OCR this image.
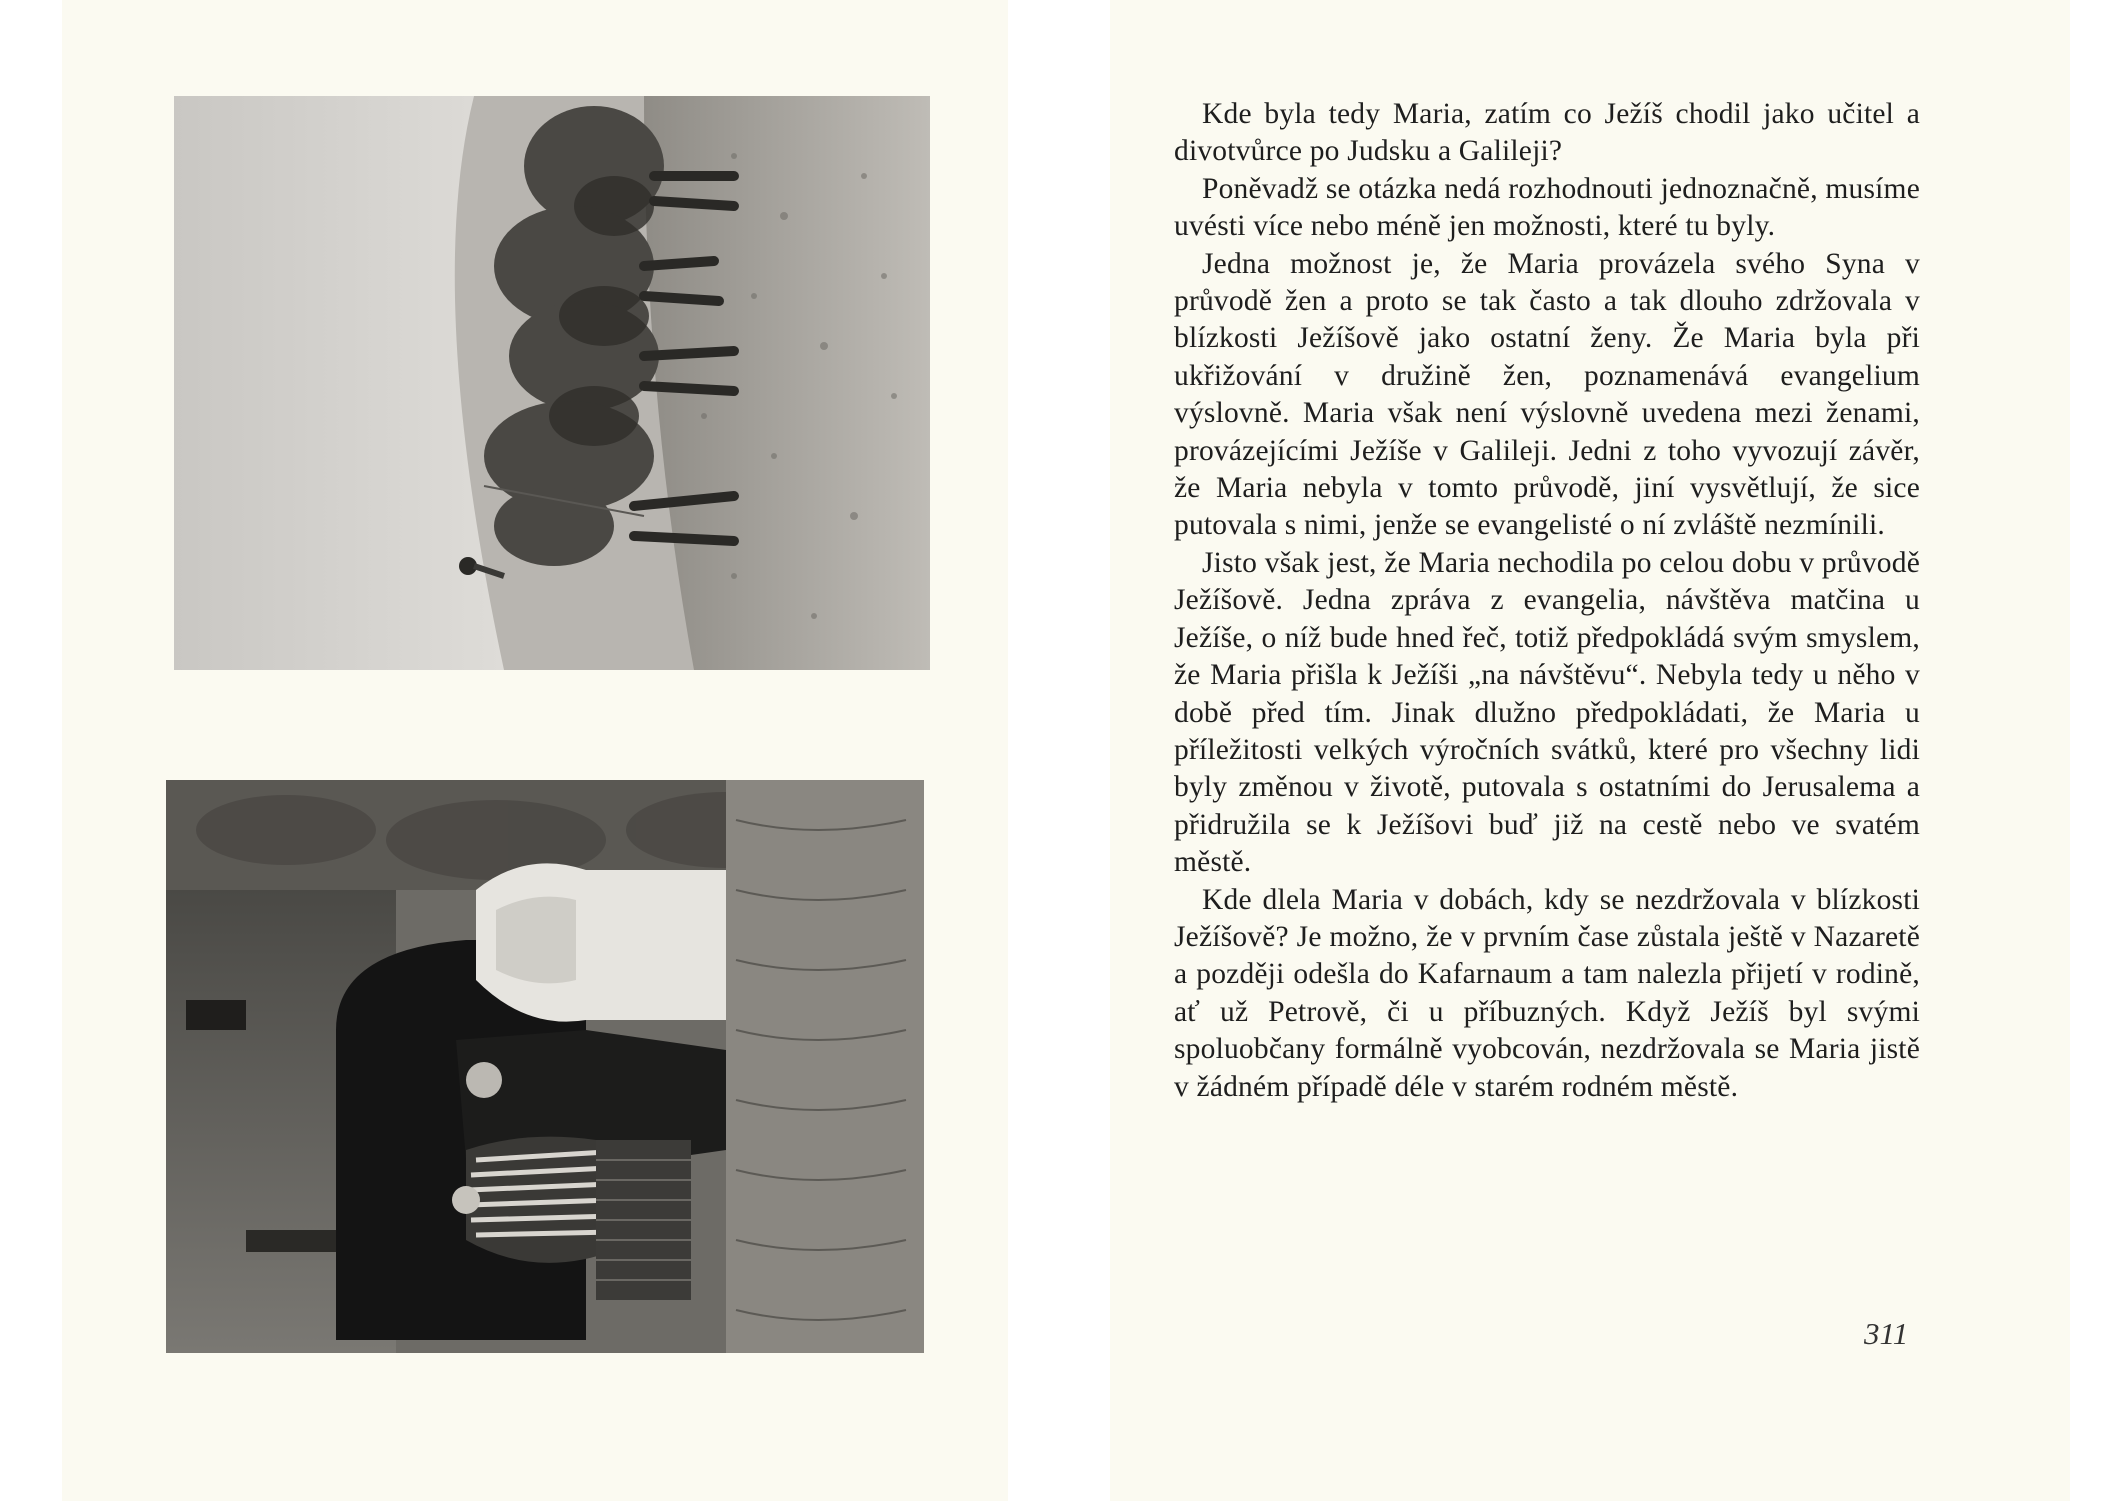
Kde byla tedy Maria, zatím co Ježíš chodil jako učitel a divotvůrce po Judsku a Galileji?

Poněvadž se otázka nedá rozhodnouti jednoznačně, musíme uvésti více nebo méně jen možnosti, které tu byly.

Jedna možnost je, že Maria provázela svého Syna v průvodě žen a proto se tak často a tak dlouho zdržovala v blízkosti Ježíšově jako ostatní ženy. Že Maria byla při ukřižování v družině žen, poznamenává evangelium výslovně. Maria však není výslovně uvedena mezi ženami, provázejícími Ježíše v Galileji. Jedni z toho vyvozují závěr, že Maria nebyla v tomto průvodě, jiní vysvětlují, že sice putovala s nimi, jenže se evangelisté o ní zvláště nezmínili.

Jisto však jest, že Maria nechodila po celou dobu v průvodě Ježíšově. Jedna zpráva z evangelia, návštěva matčina u Ježíše, o níž bude hned řeč, totiž předpokládá svým smyslem, že Maria přišla k Ježíši „na návštěvu“. Nebyla tedy u něho v době před tím. Jinak dlužno předpokládati, že Maria u příležitosti velkých výročních svátků, které pro všechny lidi byly změnou v životě, putovala s ostatními do Jerusalema a přidružila se k Ježíšovi buď již na cestě nebo ve svatém městě.

Kde dlela Maria v dobách, kdy se nezdržovala v blízkosti Ježíšově? Je možno, že v prvním čase zůstala ještě v Nazaretě a později odešla do Kafarnaum a tam nalezla přijetí v rodině, ať už Petrově, či u příbuzných. Když Ježíš byl svými spoluobčany formálně vyobcován, nezdržovala se Maria jistě v žádném případě déle v starém rodném městě.

311
